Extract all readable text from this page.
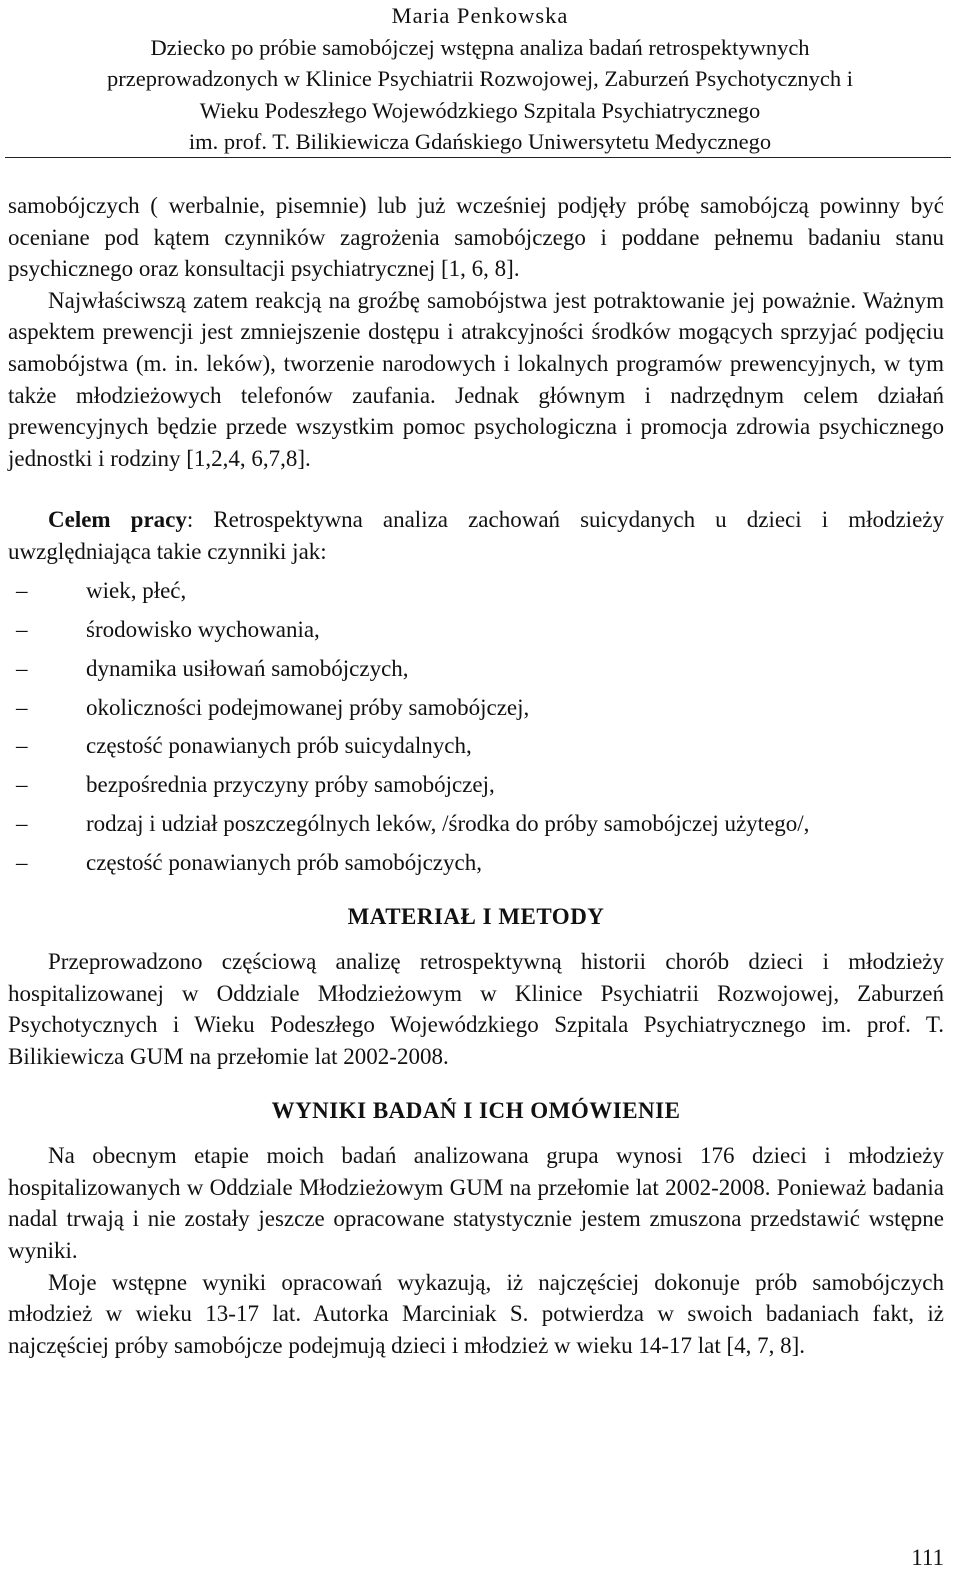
Maria Penkowska
Dziecko po próbie samobójczej wstępna analiza badań retrospektywnych
przeprowadzonych w Klinice Psychiatrii Rozwojowej, Zaburzeń Psychotycznych i
Wieku Podeszłego Wojewódzkiego Szpitala Psychiatrycznego
im. prof. T. Bilikiewicza Gdańskiego Uniwersytetu Medycznego

samobójczych ( werbalnie, pisemnie) lub już wcześniej podjęły próbę samobójczą powinny być oceniane pod kątem czynników zagrożenia samobójczego i poddane pełnemu badaniu stanu psychicznego oraz konsultacji psychiatrycznej [1, 6, 8].

Najwłaściwszą zatem reakcją na groźbę samobójstwa jest potraktowanie jej poważnie. Ważnym aspektem prewencji jest zmniejszenie dostępu i atrakcyjności środków mogących sprzyjać podjęciu samobójstwa (m. in. leków), tworzenie narodowych i lokalnych programów prewencyjnych, w tym także młodzieżowych telefonów zaufania. Jednak głównym i nadrzędnym celem działań prewencyjnych będzie przede wszystkim pomoc psychologiczna i promocja zdrowia psychicznego jednostki i rodziny [1,2,4, 6,7,8].

Celem pracy: Retrospektywna analiza zachowań suicydanych u dzieci i młodzieży uwzględniająca takie czynniki jak:

–	wiek, płeć,
–	środowisko wychowania,
–	dynamika usiłowań samobójczych,
–	okoliczności podejmowanej próby samobójczej,
–	częstość ponawianych prób suicydalnych,
–	bezpośrednia przyczyny próby samobójczej,
–	rodzaj i udział poszczególnych leków, /środka do próby samobójczej użytego/,
–	częstość ponawianych prób samobójczych,
MATERIAŁ I METODY

Przeprowadzono częściową analizę retrospektywną historii chorób dzieci i młodzieży hospitalizowanej w Oddziale Młodzieżowym w Klinice Psychiatrii Rozwojowej, Zaburzeń Psychotycznych i Wieku Podeszłego Wojewódzkiego Szpitala Psychiatrycznego im. prof. T. Bilikiewicza GUM na przełomie lat 2002-2008.

WYNIKI BADAŃ I ICH OMÓWIENIE

Na obecnym etapie moich badań analizowana grupa wynosi 176 dzieci i młodzieży hospitalizowanych w Oddziale Młodzieżowym GUM na przełomie lat 2002-2008. Ponieważ badania nadal trwają i nie zostały jeszcze opracowane statystycznie jestem zmuszona przedstawić wstępne wyniki.

Moje wstępne wyniki opracowań wykazują, iż najczęściej dokonuje prób samobójczych młodzież w wieku 13-17 lat. Autorka Marciniak S. potwierdza w swoich badaniach fakt, iż najczęściej próby samobójcze podejmują dzieci i młodzież w wieku 14-17 lat [4, 7, 8].

111
